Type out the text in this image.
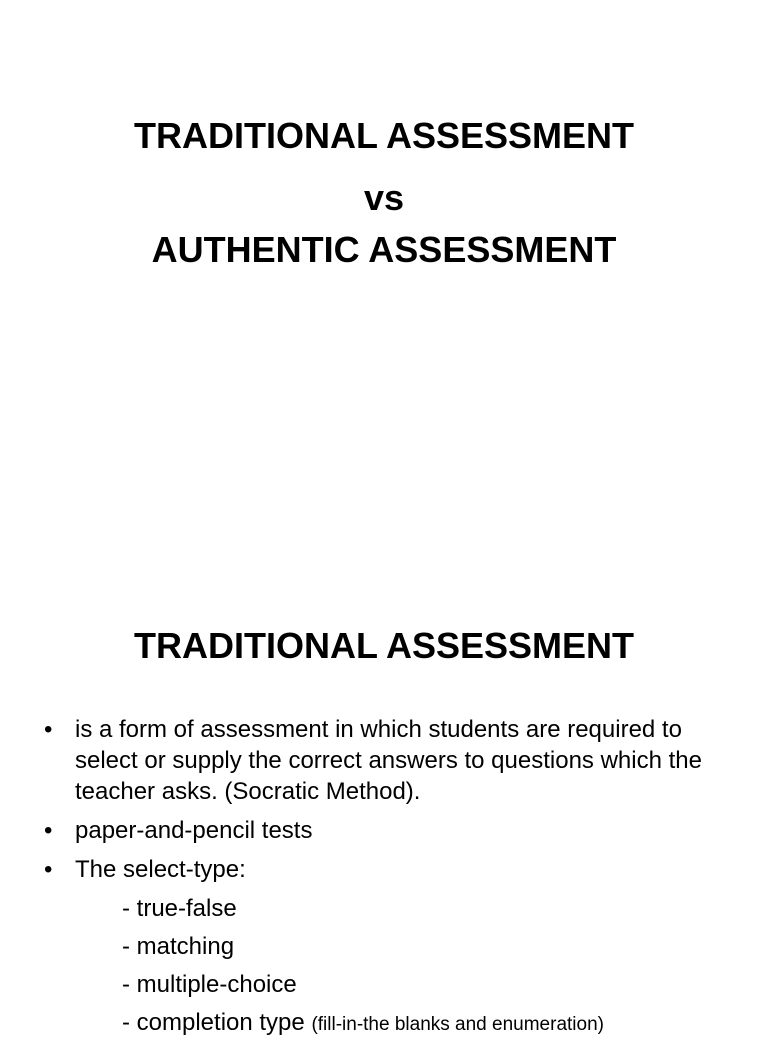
TRADITIONAL ASSESSMENT
vs
AUTHENTIC ASSESSMENT
TRADITIONAL ASSESSMENT
• is a form of assessment in which students are required to select or supply the correct answers to questions which the teacher asks. (Socratic Method).
• paper-and-pencil tests
• The select-type:
- true-false
- matching
- multiple-choice
- completion type (fill-in-the blanks and enumeration)
